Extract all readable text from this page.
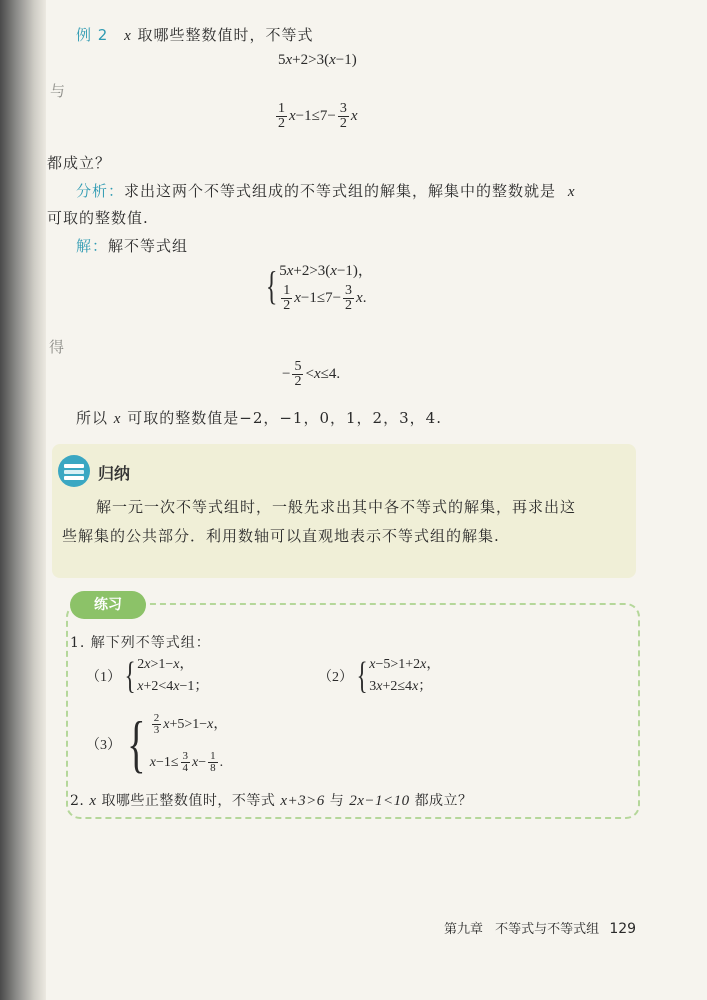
例 2 x 取哪些整数值时，不等式
5x+2>3(x−1)
与
$\frac{1}{2} x-1\le 7- \frac{3}{2}$ x
都成立？
分析：求出这两个不等式组成的不等式组的解集，解集中的整数就是 x
可取的整数值.
解：解不等式组
{ 5x+2>3(x−1)，
$\frac{1}{2} x-1\le 7- \frac{3}{2} x$.
得
− $\frac{5}{2} <x\le 4$.
所以 x 可取的整数值是−2，−1，0，1，2，3，4.
归纳
解一元一次不等式组时，一般先求出其中各不等式的解集，再求出这
些解集的公共部分．利用数轴可以直观地表示不等式组的解集.
练习
1. 解下列不等式组：
（1）{ 2x>1−x，
x+2<4x−1；
（2）{ x−5>1+2x，
3x+2≤4x；
$(3)\{ \frac{2}{3} x+5>1-x$，
$x-1\le \frac{3}{4} x- \frac{1}{8}$ .
2. x 取哪些正整数值时，不等式 x+3>6 与 2x−1<10 都成立？
第九章 不等式与不等式组 129
